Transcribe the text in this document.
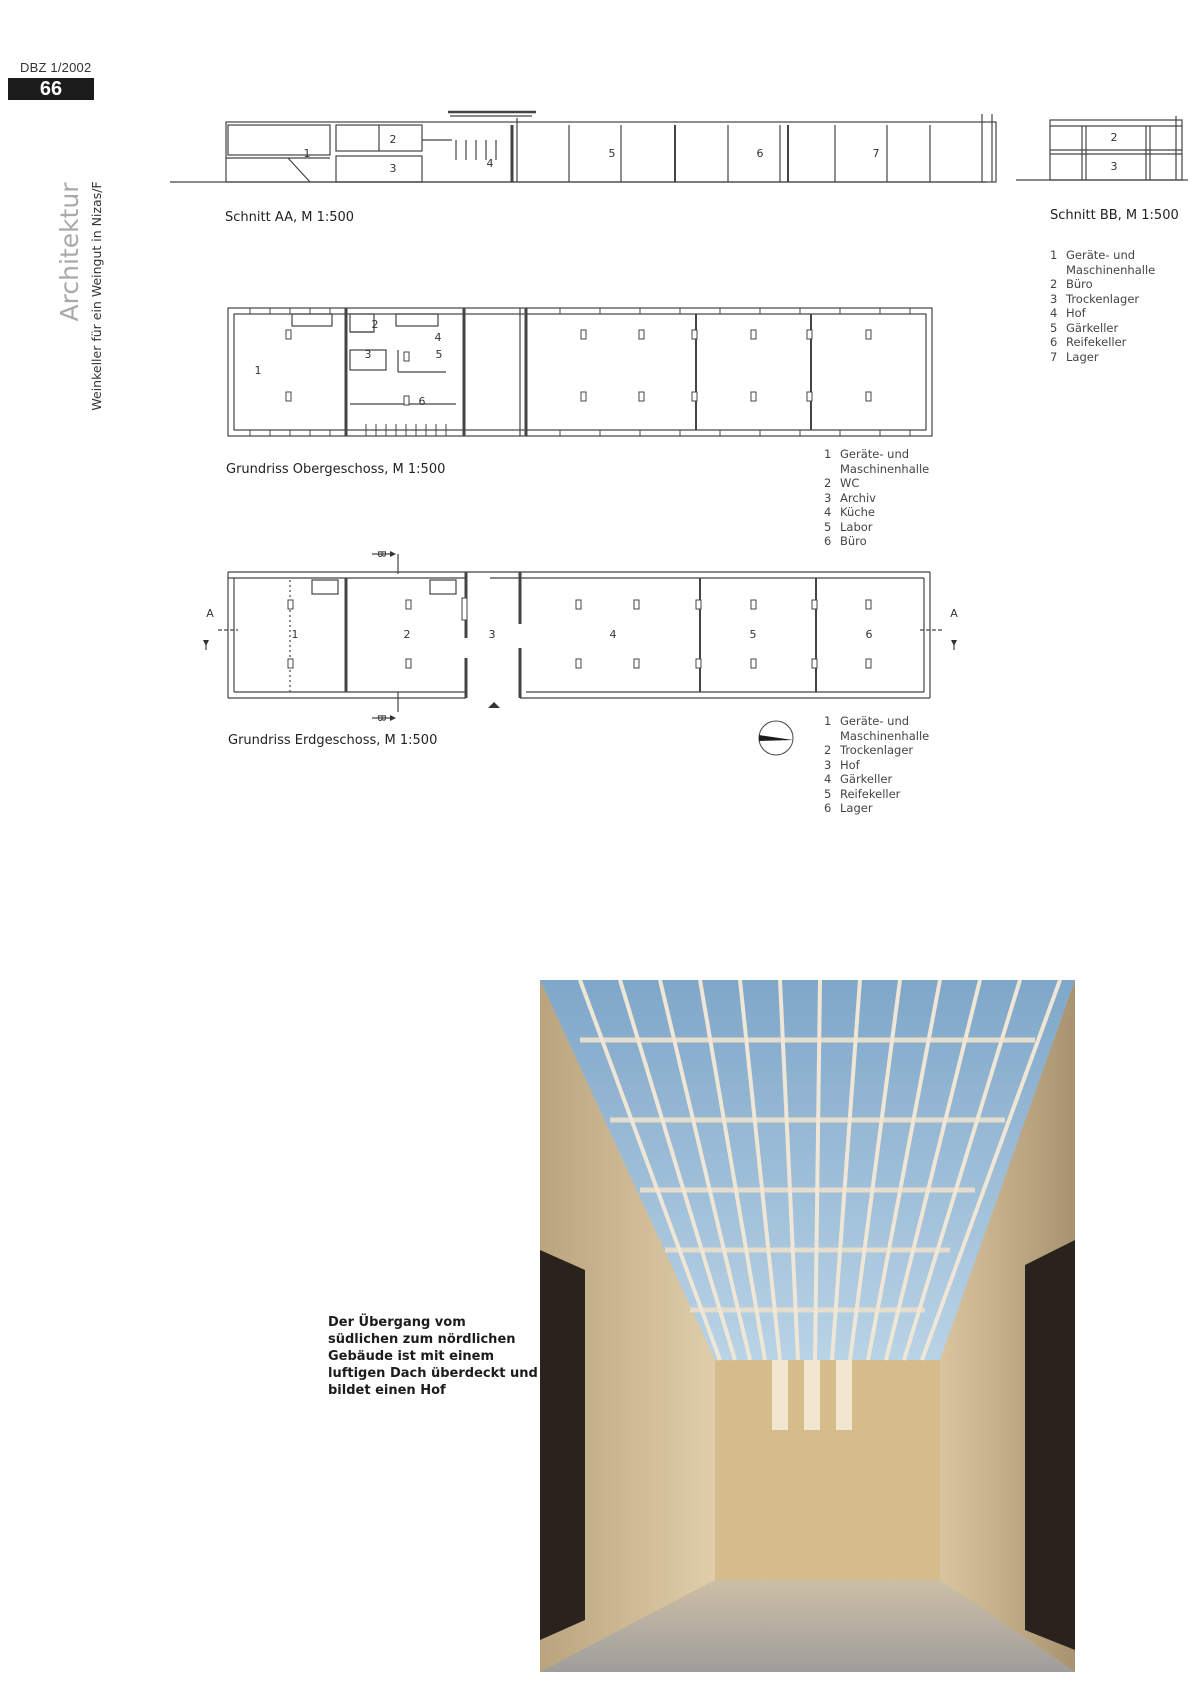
DBZ 1/2002
66
Architektur Weinkeller für ein Weingut in Nizas/F
1
2
3	4
5	6	7
Schnitt AA, M 1:500
2
3
Schnitt BB, M 1:500
1 Geräte- und
Maschinenhalle
2 Büro
3 Trockenlager
4 Hof
5 Gärkeller
6 Reifekeller
7 Lager
1
2
3
4
5
6
Grundriss Obergeschoss, M 1:500
1 Geräte- und
Maschinenhalle
2 WC
3 Archiv
4 Küche
5 Labor
6 Büro
B
B
A	A
1	2	3	4	5	6
Grundriss Erdgeschoss, M 1:500
1 Geräte- und
Maschinenhalle
2 Trockenlager
3 Hof
4 Gärkeller
5 Reifekeller
6 Lager
Der Übergang vom südlichen zum nördlichen Gebäude ist mit einem luftigen Dach überdeckt und bildet einen Hof
